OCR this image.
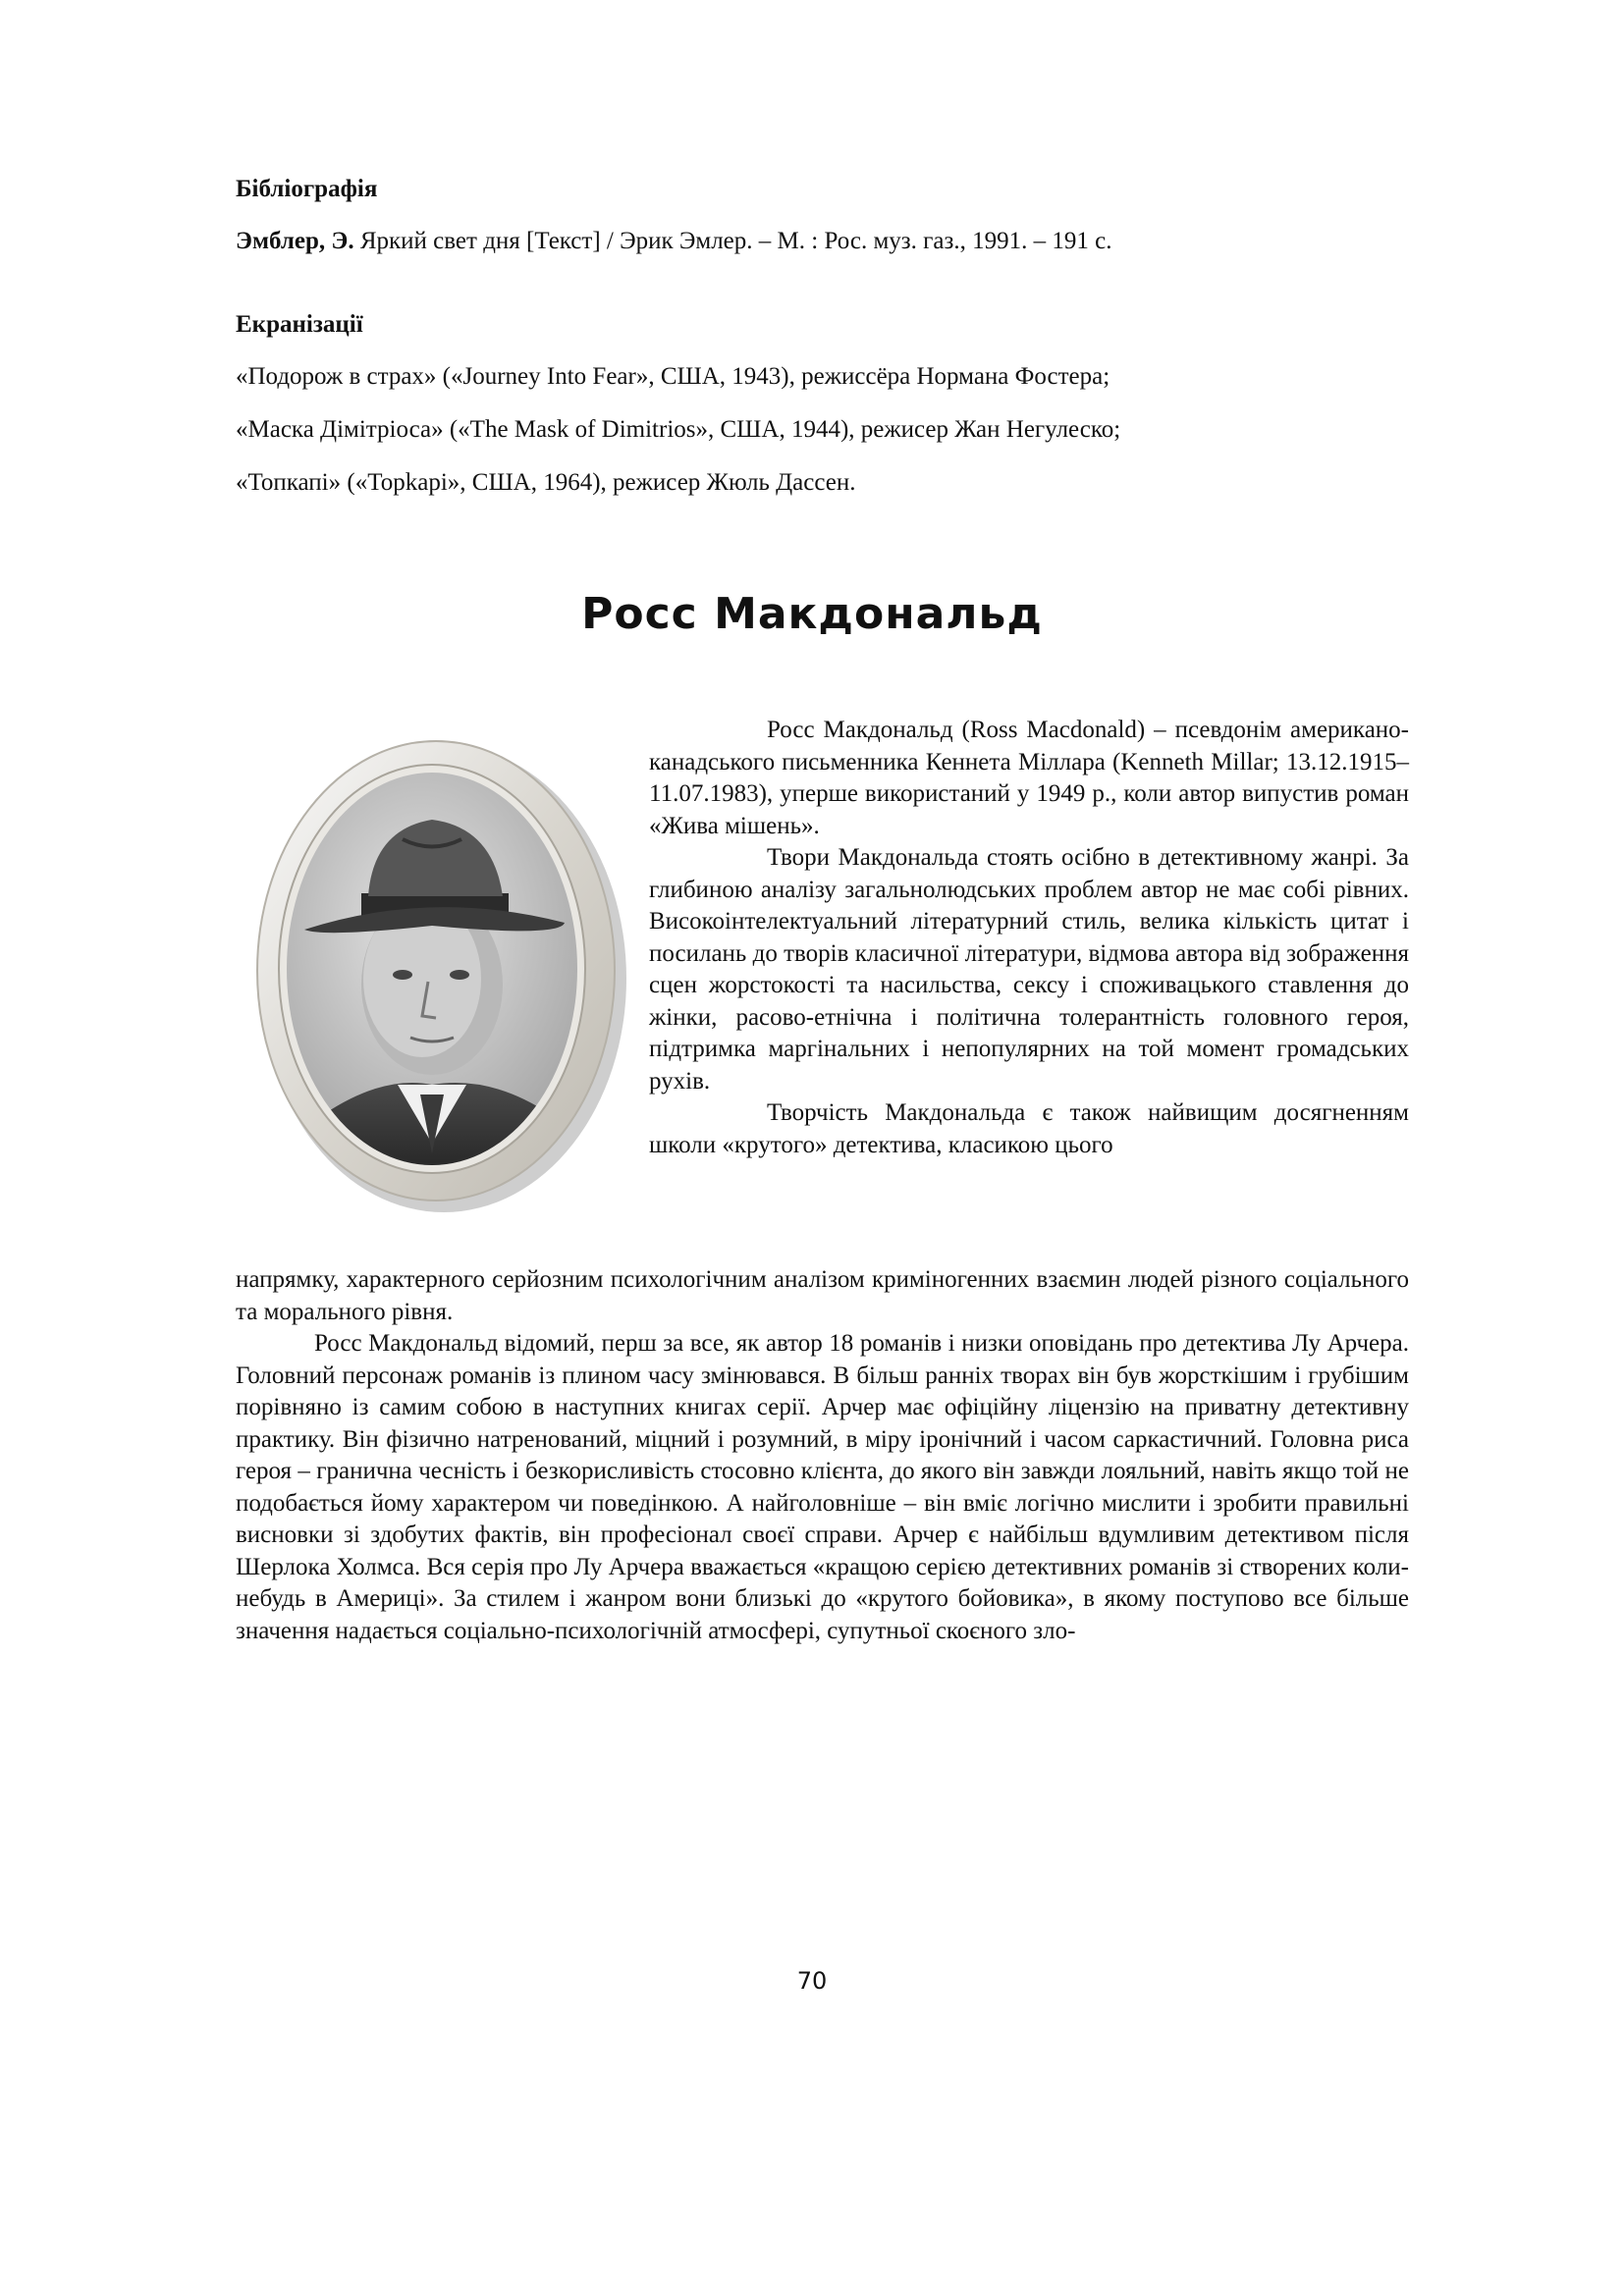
Бібліографія
Эмблер, Э. Яркий свет дня [Текст] / Эрик Эмлер. – М. : Рос. муз. газ., 1991. – 191 с.
Екранізації
«Подорож в страх» («Journey Into Fear», США, 1943), режиссёра Нормана Фостера;
«Маска Дімітріоса» («The Mask of Dimitrios», США, 1944), режисер Жан Негулеско;
«Топкапі» («Topkapi», США, 1964), режисер Жюль Дассен.
Росс Макдональд

Росс Макдональд (Ross Macdonald) – псевдонім американо-канадського письменника Кеннета Міллара (Kenneth Millar; 13.12.1915–11.07.1983), уперше використаний у 1949 р., коли автор випустив роман «Жива мішень».

Твори Макдональда стоять осібно в детективному жанрі. За глибиною аналізу загальнолюдських проблем автор не має собі рівних. Високоінтелектуальний літературний стиль, велика кількість цитат і посилань до творів класичної літератури, відмова автора від зображення сцен жорстокості та насильства, сексу і споживацького ставлення до жінки, расово-етнічна і політична толерантність головного героя, підтримка маргінальних і непопулярних на той момент громадських рухів.

Творчість Макдональда є також найвищим досягненням школи «крутого» детектива, класикою цього

напрямку, характерного серйозним психологічним аналізом криміногенних взаємин людей різного соціального та морального рівня.

Росс Макдональд відомий, перш за все, як автор 18 романів і низки оповідань про детектива Лу Арчера. Головний персонаж романів із плином часу змінювався. В більш ранніх творах він був жорсткішим і грубішим порівняно із самим собою в наступних книгах серії. Арчер має офіційну ліцензію на приватну детективну практику. Він фізично натренований, міцний і розумний, в міру іронічний і часом саркастичний. Головна риса героя – гранична чесність і безкорисливість стосовно клієнта, до якого він завжди лояльний, навіть якщо той не подобається йому характером чи поведінкою. А найголовніше – він вміє логічно мислити і зробити правильні висновки зі здобутих фактів, він професіонал своєї справи. Арчер є найбільш вдумливим детективом після Шерлока Холмса. Вся серія про Лу Арчера вважається «кращою серією детективних романів зі створених коли-небудь в Америці». За стилем і жанром вони близькі до «крутого бойовика», в якому поступово все більше значення надається соціально-психологічній атмосфері, супутньої скоєного зло-

70
